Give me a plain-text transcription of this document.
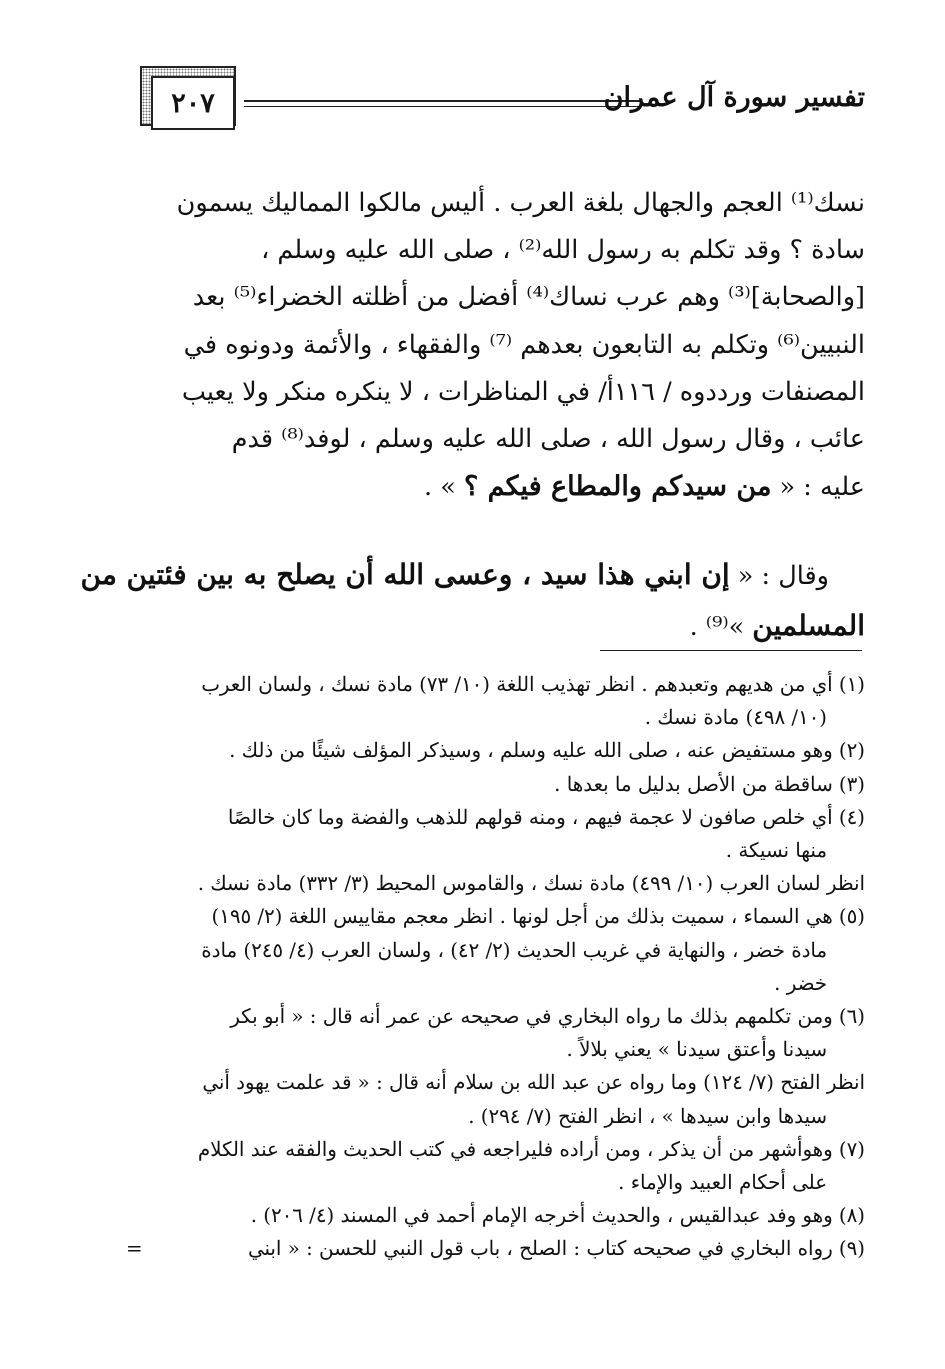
٢٠٧	تفسير سورة آل عمران
نسك⁽¹⁾ العجم والجهال بلغة العرب . أليس مالكوا المماليك يسمون
سادة ؟ وقد تكلم به رسول الله⁽²⁾ ، صلى الله عليه وسلم ،
[والصحابة]⁽³⁾ وهم عرب نساك⁽⁴⁾ أفضل من أظلته الخضراء⁽⁵⁾ بعد
النبيين⁽⁶⁾ وتكلم به التابعون بعدهم ⁽⁷⁾ والفقهاء ، والأئمة ودونوه في
المصنفات ورددوه / ١١٦أ/ في المناظرات ، لا ينكره منكر ولا يعيب
عائب ، وقال رسول الله ، صلى الله عليه وسلم ، لوفد⁽⁸⁾ قدم
عليه : « من سيدكم والمطاع فيكم ؟ » .
وقال : « إن ابني هذا سيد ، وعسى الله أن يصلح به بين فئتين من
المسلمين »⁽⁹⁾ .
(١) أي من هديهم وتعبدهم . انظر تهذيب اللغة (١٠/ ٧٣) مادة نسك ، ولسان العرب
(١٠/ ٤٩٨) مادة نسك .
(٢) وهو مستفيض عنه ، صلى الله عليه وسلم ، وسيذكر المؤلف شيئًا من ذلك .
(٣) ساقطة من الأصل بدليل ما بعدها .
(٤) أي خلص صافون لا عجمة فيهم ، ومنه قولهم للذهب والفضة وما كان خالصًا
منها نسيكة .
انظر لسان العرب (١٠/ ٤٩٩) مادة نسك ، والقاموس المحيط (٣/ ٣٣٢) مادة نسك .
(٥) هي السماء ، سميت بذلك من أجل لونها . انظر معجم مقاييس اللغة (٢/ ١٩٥)
مادة خضر ، والنهاية في غريب الحديث (٢/ ٤٢) ، ولسان العرب (٤/ ٢٤٥) مادة
خضر .
(٦) ومن تكلمهم بذلك ما رواه البخاري في صحيحه عن عمر أنه قال : « أبو بكر
سيدنا وأعتق سيدنا » يعني بلالاً .
انظر الفتح (٧/ ١٢٤) وما رواه عن عبد الله بن سلام أنه قال : « قد علمت يهود أني
سيدها وابن سيدها » ، انظر الفتح (٧/ ٢٩٤) .
(٧) وهوأشهر من أن يذكر ، ومن أراده فليراجعه في كتب الحديث والفقه عند الكلام
على أحكام العبيد والإماء .
(٨) وهو وفد عبدالقيس ، والحديث أخرجه الإمام أحمد في المسند (٤/ ٢٠٦) .
(٩) رواه البخاري في صحيحه كتاب : الصلح ، باب قول النبي للحسن : « ابني
=
